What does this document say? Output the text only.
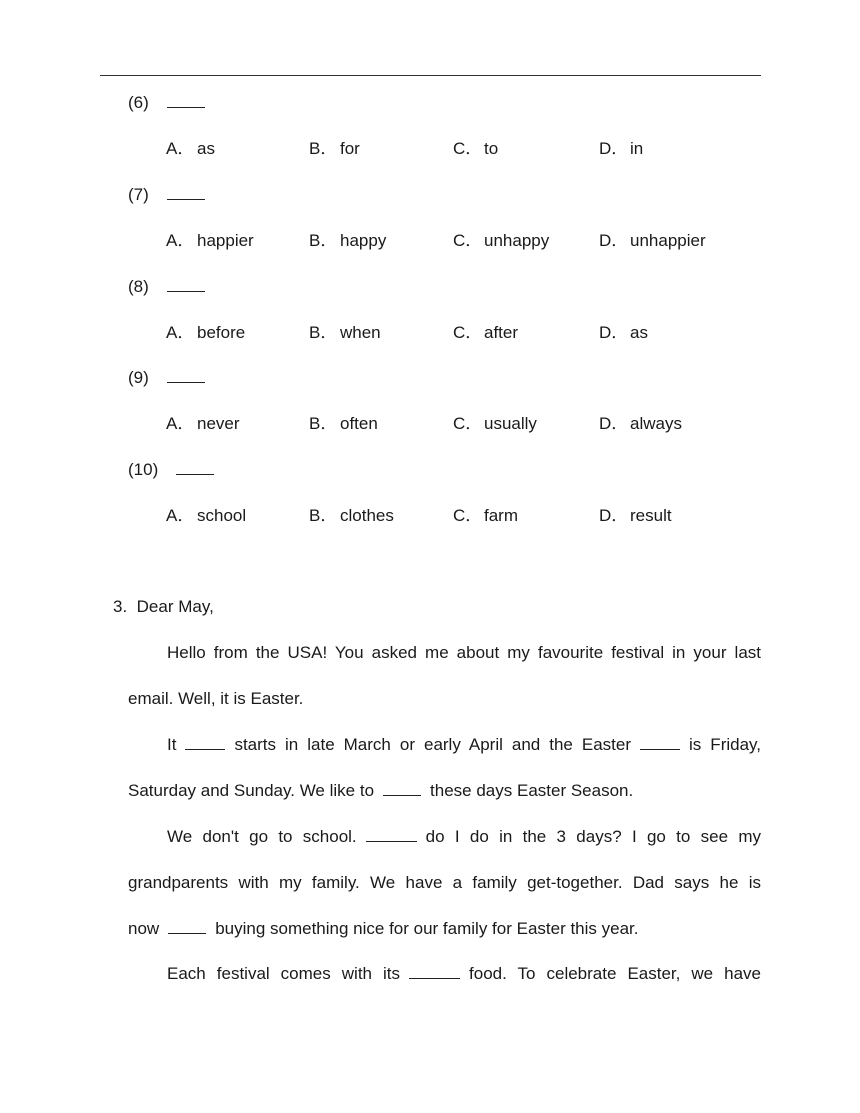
(6)
A． as	B． for	C． to	D． in
(7)
A． happier	B． happy	C． unhappy	D． unhappier
(8)
A． before	B． when	C． after	D． as
(9)
A． never	B． often	C． usually	D． always
(10)
A． school	B． clothes	C． farm	D． result
3. Dear May,
Hello from the USA! You asked me about my favourite festival in your last
email. Well, it is Easter.
It	starts in late March or early April and the Easter	is Friday,
Saturday and Sunday. We like to	these days Easter Season.
We don't go to school.	do I do in the 3 days? I go to see my
grandparents with my family. We have a family get-together. Dad says he is
now	buying something nice for our family for Easter this year.
Each festival comes with its	food. To celebrate Easter, we have
